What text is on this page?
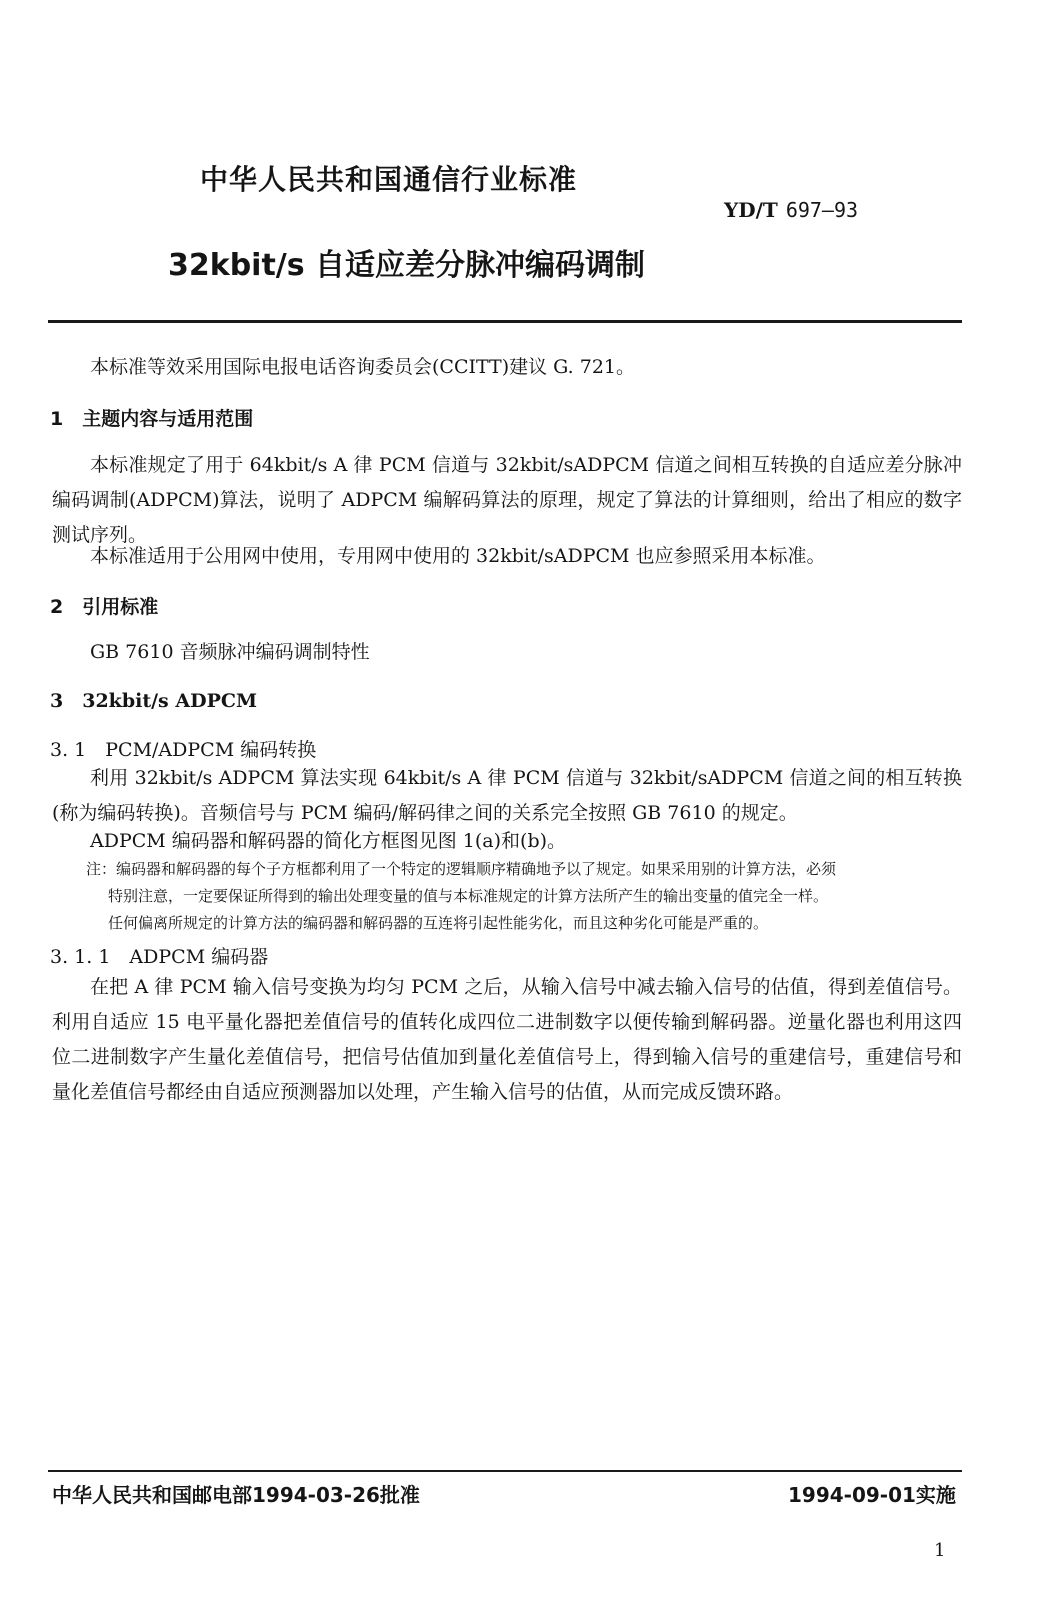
中华人民共和国通信行业标准
YD/T 697—93
32kbit/s 自适应差分脉冲编码调制
本标准等效采用国际电报电话咨询委员会(CCITT)建议 G. 721。
1　主题内容与适用范围
本标准规定了用于 64kbit/s A 律 PCM 信道与 32kbit/sADPCM 信道之间相互转换的自适应差分脉冲编码调制(ADPCM)算法，说明了 ADPCM 编解码算法的原理，规定了算法的计算细则，给出了相应的数字测试序列。
本标准适用于公用网中使用，专用网中使用的 32kbit/sADPCM 也应参照采用本标准。
2　引用标准
GB 7610 音频脉冲编码调制特性
3　32kbit/s ADPCM
3. 1　PCM/ADPCM 编码转换
利用 32kbit/s ADPCM 算法实现 64kbit/s A 律 PCM 信道与 32kbit/sADPCM 信道之间的相互转换(称为编码转换)。音频信号与 PCM 编码/解码律之间的关系完全按照 GB 7610 的规定。
ADPCM 编码器和解码器的简化方框图见图 1(a)和(b)。
注：编码器和解码器的每个子方框都利用了一个特定的逻辑顺序精确地予以了规定。如果采用别的计算方法，必须
特别注意，一定要保证所得到的输出处理变量的值与本标准规定的计算方法所产生的输出变量的值完全一样。
任何偏离所规定的计算方法的编码器和解码器的互连将引起性能劣化，而且这种劣化可能是严重的。
3. 1. 1　ADPCM 编码器
在把 A 律 PCM 输入信号变换为均匀 PCM 之后，从输入信号中减去输入信号的估值，得到差值信号。利用自适应 15 电平量化器把差值信号的值转化成四位二进制数字以便传输到解码器。逆量化器也利用这四位二进制数字产生量化差值信号，把信号估值加到量化差值信号上，得到输入信号的重建信号，重建信号和量化差值信号都经由自适应预测器加以处理，产生输入信号的估值，从而完成反馈环路。
中华人民共和国邮电部1994-03-26批准	1994-09-01实施
1
